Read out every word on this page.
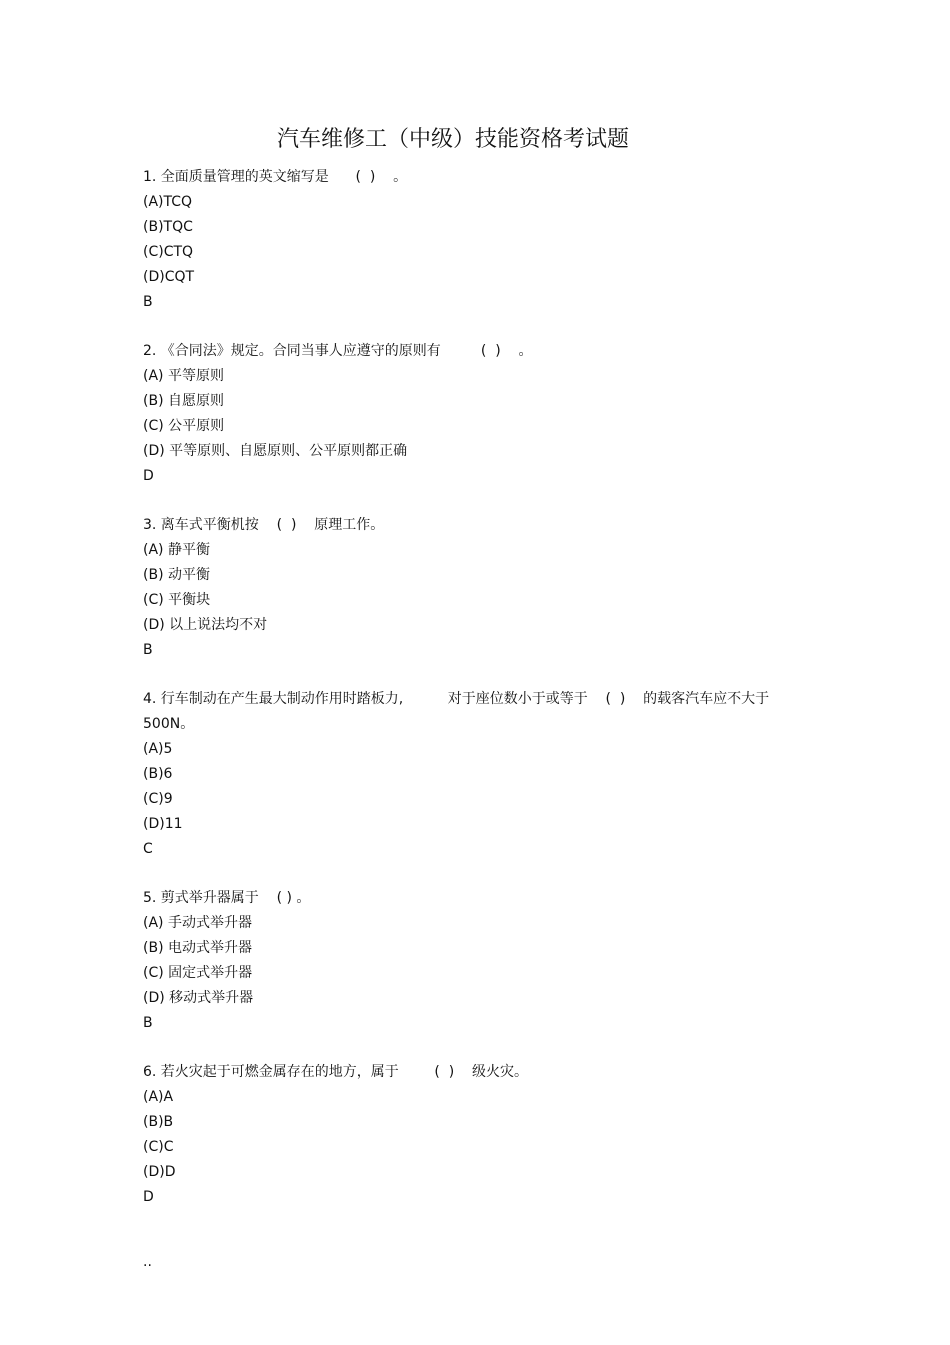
汽车维修工（中级）技能资格考试题
1. 全面质量管理的英文缩写是      (  )    。
(A)TCQ
(B)TQC
(C)CTQ
(D)CQT
B
2. 《合同法》规定。合同当事人应遵守的原则有         (  )    。
(A) 平等原则
(B) 自愿原则
(C) 公平原则
(D) 平等原则、自愿原则、公平原则都正确
D
3. 离车式平衡机按    (  )    原理工作。
(A) 静平衡
(B) 动平衡
(C) 平衡块
(D) 以上说法均不对
B
4. 行车制动在产生最大制动作用时踏板力,          对于座位数小于或等于    (  )    的载客汽车应不大于
500N。
(A)5
(B)6
(C)9
(D)11
C
5. 剪式举升器属于    ( ) 。
(A) 手动式举升器
(B) 电动式举升器
(C) 固定式举升器
(D) 移动式举升器
B
6. 若火灾起于可燃金属存在的地方，属于        (  )    级火灾。
(A)A
(B)B
(C)C
(D)D
D
..
